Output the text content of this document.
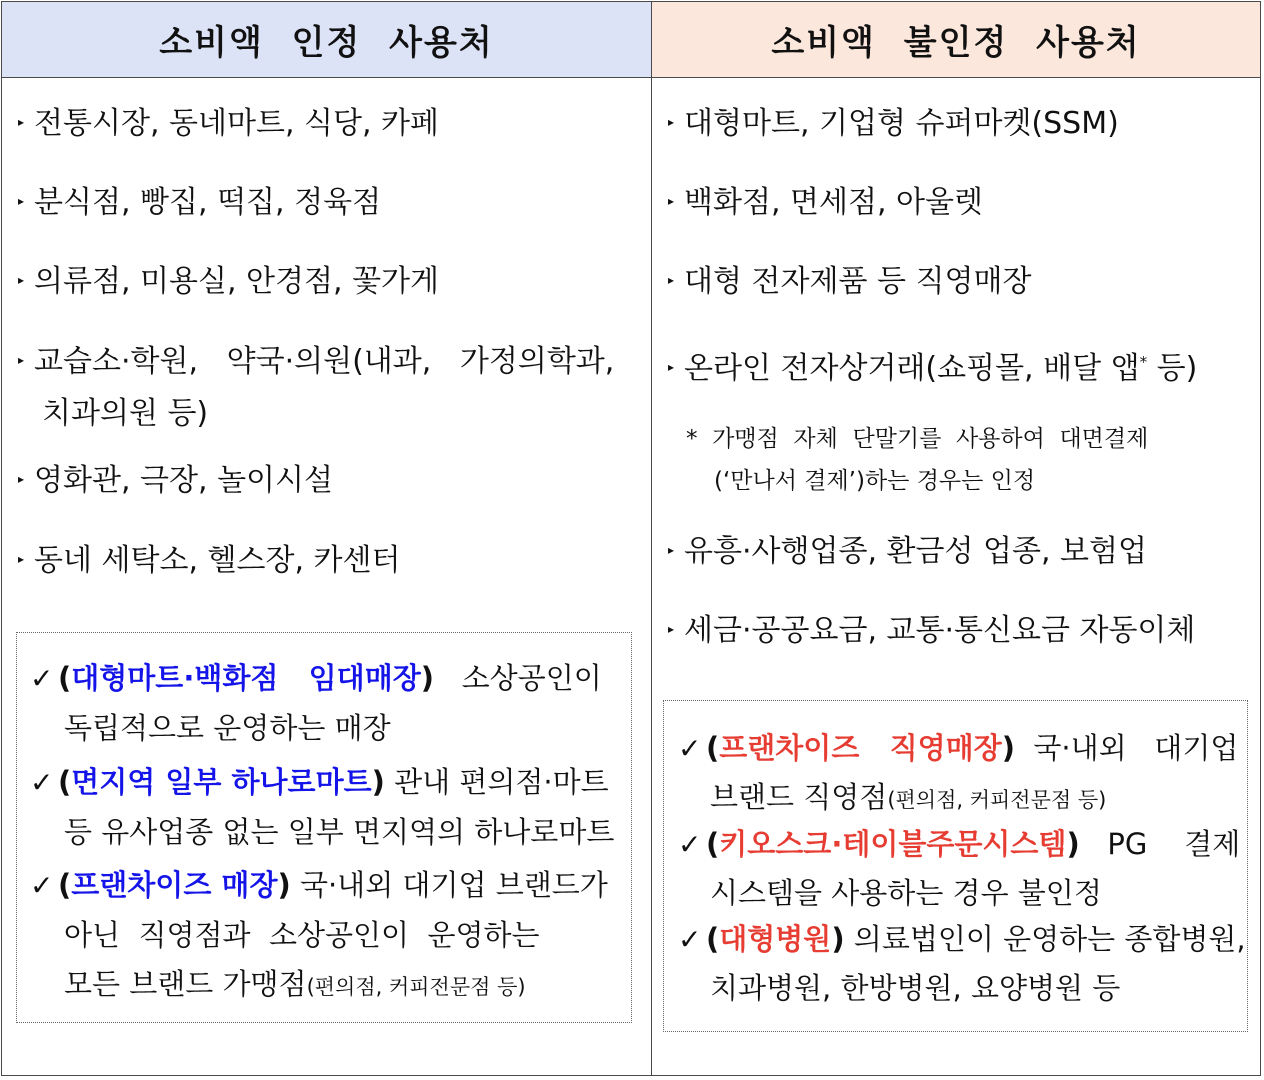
소비액 인정 사용처	소비액 불인정 사용처
▸ 전통시장, 동네마트, 식당, 카페
▸ 분식점, 빵집, 떡집, 정육점
▸ 의류점, 미용실, 안경점, 꽃가게
▸ 교습소·학원,   약국·의원(내과,   가정의학과,
치과의원 등)
▸ 영화관, 극장, 놀이시설
▸ 동네 세탁소, 헬스장, 카센터
✓ (대형마트·백화점   임대매장)   소상공인이
독립적으로 운영하는 매장
✓ (면지역 일부 하나로마트) 관내 편의점·마트
등 유사업종 없는 일부 면지역의 하나로마트
✓ (프랜차이즈 매장) 국·내외 대기업 브랜드가
아닌  직영점과  소상공인이  운영하는
모든 브랜드 가맹점(편의점, 커피전문점 등)
▸ 대형마트, 기업형 슈퍼마켓(SSM)
▸ 백화점, 면세점, 아울렛
▸ 대형 전자제품 등 직영매장
▸ 온라인 전자상거래(쇼핑몰, 배달 앱* 등)
*  가맹점  자체  단말기를  사용하여  대면결제
(‘만나서 결제’)하는 경우는 인정
▸ 유흥·사행업종, 환금성 업종, 보험업
▸ 세금·공공요금, 교통·통신요금 자동이체
✓ (프랜차이즈   직영매장)  국·내외   대기업
브랜드 직영점(편의점, 커피전문점 등)
✓ (키오스크·테이블주문시스템)   PG    결제
시스템을 사용하는 경우 불인정
✓ (대형병원) 의료법인이 운영하는 종합병원,
치과병원, 한방병원, 요양병원 등
